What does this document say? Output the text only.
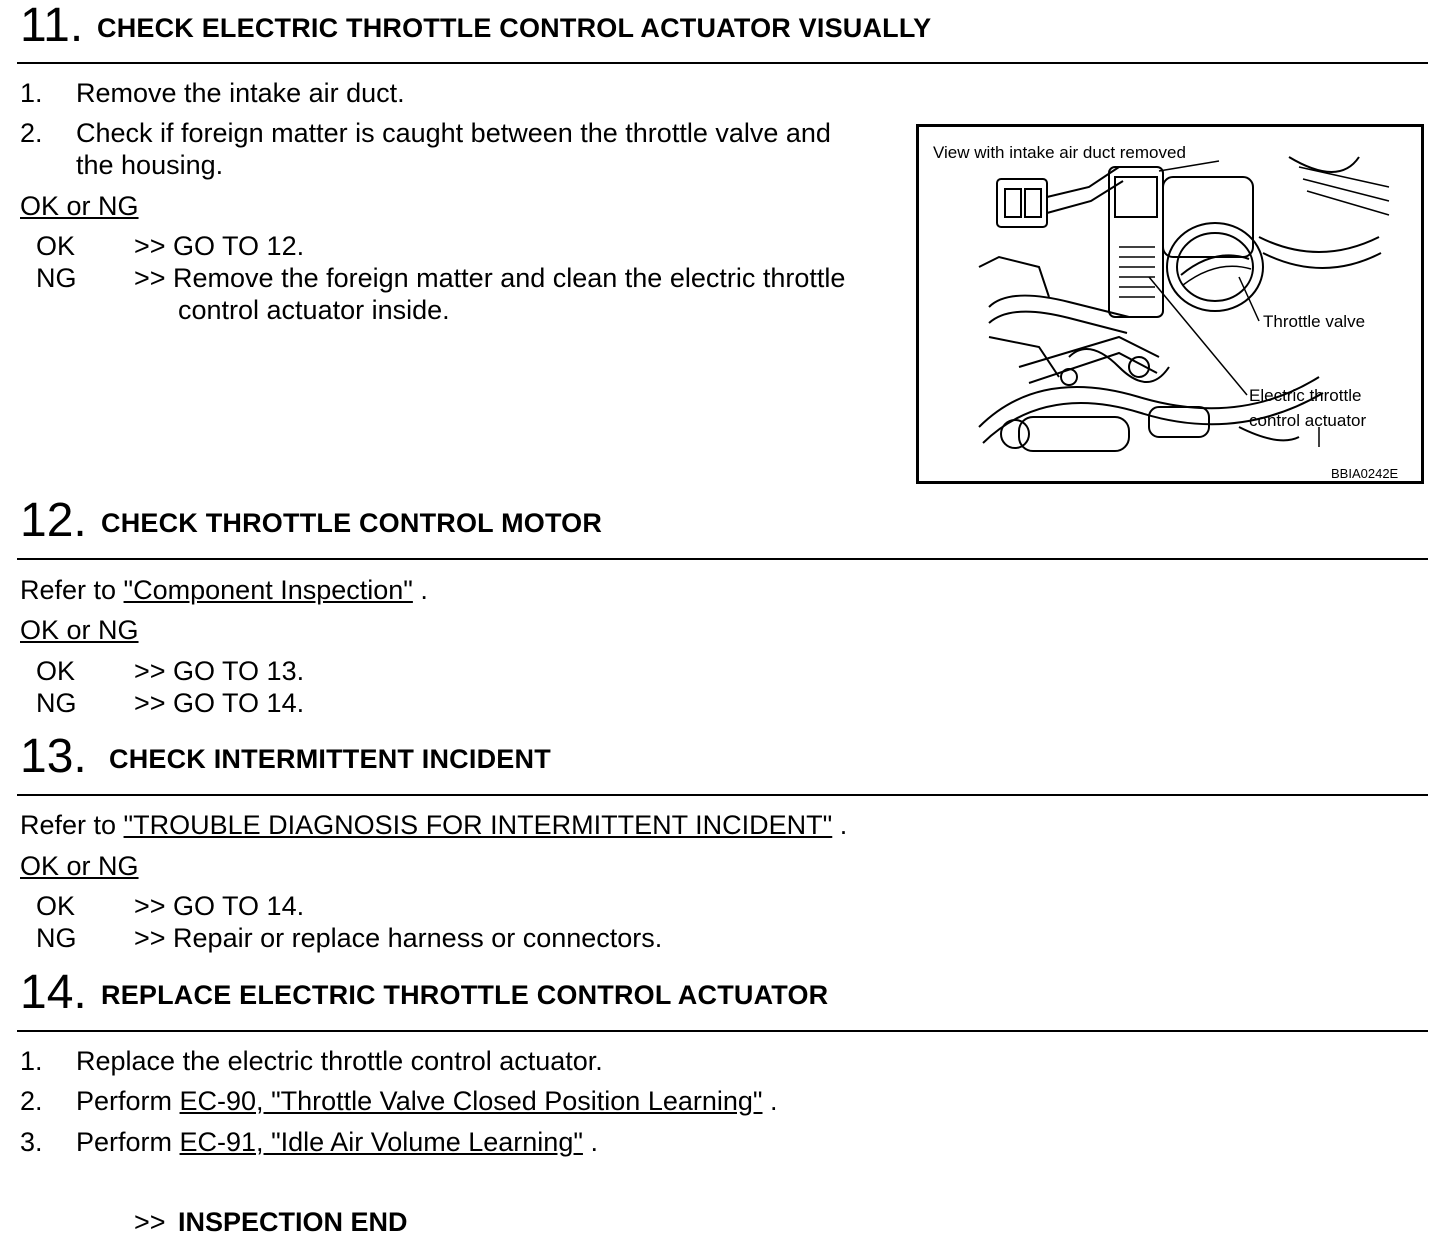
11. CHECK ELECTRIC THROTTLE CONTROL ACTUATOR VISUALLY
1. Remove the intake air duct.
2. Check if foreign matter is caught between the throttle valve and
the housing.
OK or NG
OK >> GO TO 12.
NG >> Remove the foreign matter and clean the electric throttle
control actuator inside.
View with intake air duct removed
Throttle valve
Electric throttle
control actuator
BBIA0242E
12. CHECK THROTTLE CONTROL MOTOR
Refer to "Component Inspection" .
OK or NG
OK >> GO TO 13.
NG >> GO TO 14.
13. CHECK INTERMITTENT INCIDENT
Refer to "TROUBLE DIAGNOSIS FOR INTERMITTENT INCIDENT" .
OK or NG
OK >> GO TO 14.
NG >> Repair or replace harness or connectors.
14. REPLACE ELECTRIC THROTTLE CONTROL ACTUATOR
1. Replace the electric throttle control actuator.
2. Perform EC-90, "Throttle Valve Closed Position Learning" .
3. Perform EC-91, "Idle Air Volume Learning" .
>> INSPECTION END
